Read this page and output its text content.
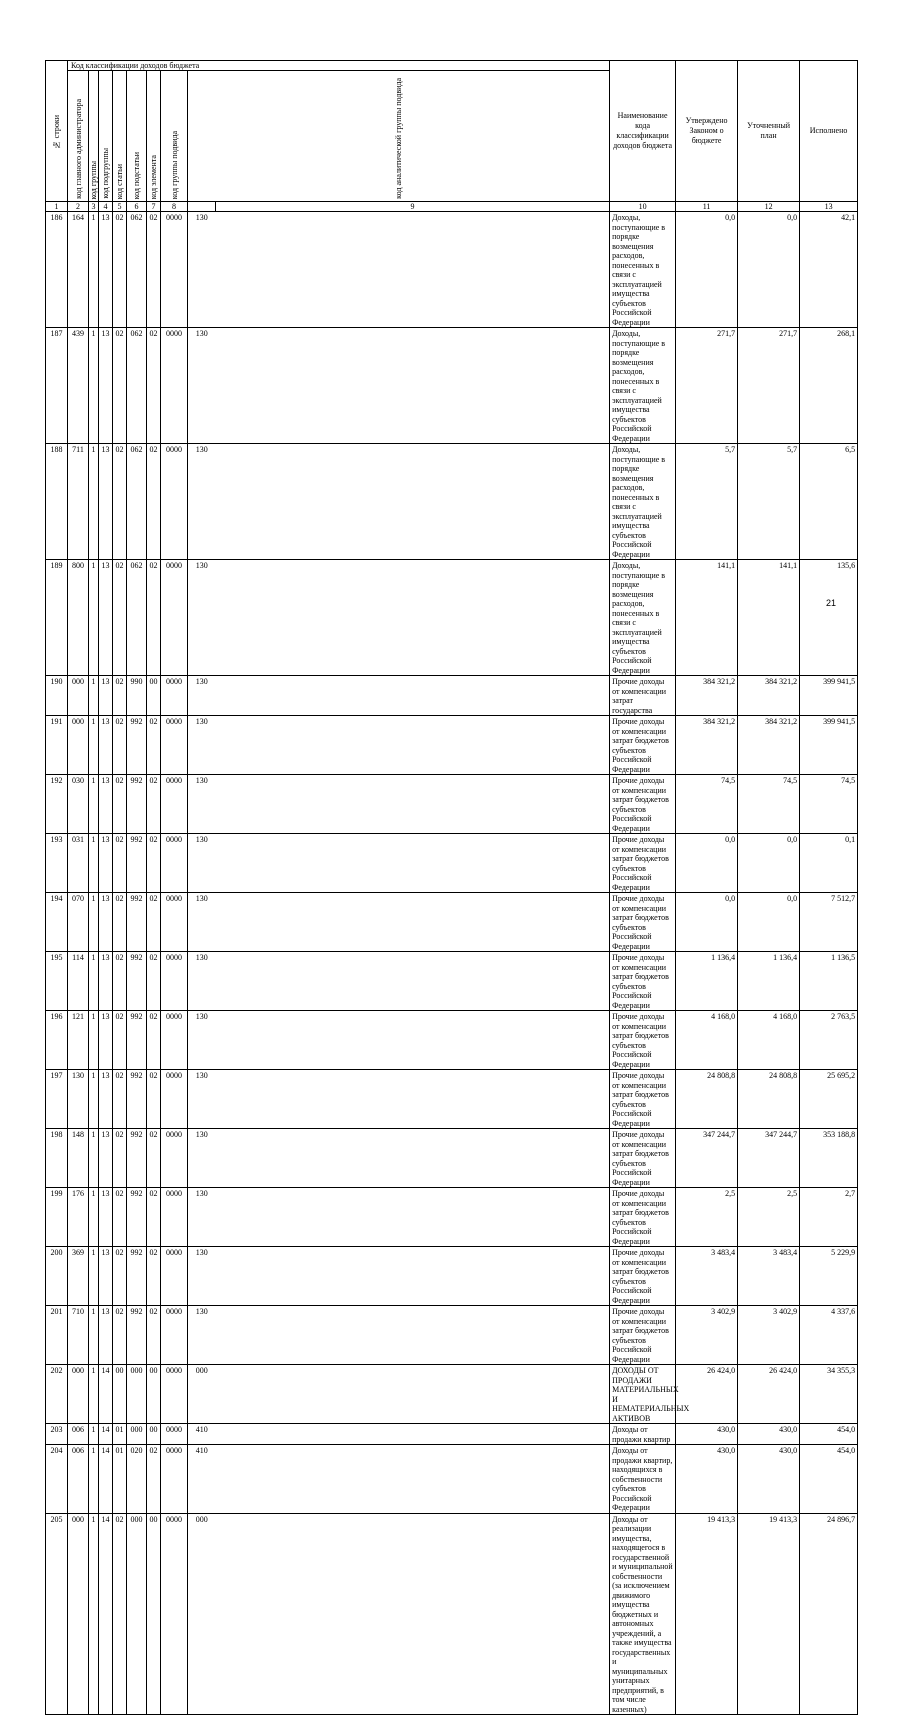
№ строки	Код классификации доходов бюджета									Наименование кода классификации доходов бюджета	Утверждено Законом о бюджете	Уточненный план	Исполнено	

	код главного администратора	код группы	код подгруппы	код статьи	код подстатьи	код элемента	код группы подвида	код аналитической группы подвида						

1	2	3	4	5	6	7	8		9	10	11	12	13	
186	164	1	13	02	062	02	0000	130		Доходы, поступающие в порядке возмещения расходов, понесенных в связи с эксплуатацией имущества субъектов Российской Федерации	0,0	0,0	42,1	
187	439	1	13	02	062	02	0000	130		Доходы, поступающие в порядке возмещения расходов, понесенных в связи с эксплуатацией имущества субъектов Российской Федерации	271,7	271,7	268,1	
188	711	1	13	02	062	02	0000	130		Доходы, поступающие в порядке возмещения расходов, понесенных в связи с эксплуатацией имущества субъектов Российской Федерации	5,7	5,7	6,5	
189	800	1	13	02	062	02	0000	130		Доходы, поступающие в порядке возмещения расходов, понесенных в связи с эксплуатацией имущества субъектов Российской Федерации	141,1	141,1	135,6	
190	000	1	13	02	990	00	0000	130		Прочие доходы от компенсации затрат государства	384 321,2	384 321,2	399 941,5	
191	000	1	13	02	992	02	0000	130		Прочие доходы от компенсации затрат бюджетов субъектов Российской Федерации	384 321,2	384 321,2	399 941,5	
192	030	1	13	02	992	02	0000	130		Прочие доходы от компенсации затрат бюджетов субъектов Российской Федерации	74,5	74,5	74,5	
193	031	1	13	02	992	02	0000	130		Прочие доходы от компенсации затрат бюджетов субъектов Российской Федерации	0,0	0,0	0,1	
194	070	1	13	02	992	02	0000	130		Прочие доходы от компенсации затрат бюджетов субъектов Российской Федерации	0,0	0,0	7 512,7	
195	114	1	13	02	992	02	0000	130		Прочие доходы от компенсации затрат бюджетов субъектов Российской Федерации	1 136,4	1 136,4	1 136,5	
196	121	1	13	02	992	02	0000	130		Прочие доходы от компенсации затрат бюджетов субъектов Российской Федерации	4 168,0	4 168,0	2 763,5	
197	130	1	13	02	992	02	0000	130		Прочие доходы от компенсации затрат бюджетов субъектов Российской Федерации	24 808,8	24 808,8	25 695,2	
198	148	1	13	02	992	02	0000	130		Прочие доходы от компенсации затрат бюджетов субъектов Российской Федерации	347 244,7	347 244,7	353 188,8	
199	176	1	13	02	992	02	0000	130		Прочие доходы от компенсации затрат бюджетов субъектов Российской Федерации	2,5	2,5	2,7	
200	369	1	13	02	992	02	0000	130		Прочие доходы от компенсации затрат бюджетов субъектов Российской Федерации	3 483,4	3 483,4	5 229,9	
201	710	1	13	02	992	02	0000	130		Прочие доходы от компенсации затрат бюджетов субъектов Российской Федерации	3 402,9	3 402,9	4 337,6	
202	000	1	14	00	000	00	0000	000		ДОХОДЫ ОТ ПРОДАЖИ МАТЕРИАЛЬНЫХ И НЕМАТЕРИАЛЬНЫХ АКТИВОВ	26 424,0	26 424,0	34 355,3	
203	006	1	14	01	000	00	0000	410		Доходы от продажи квартир	430,0	430,0	454,0	
204	006	1	14	01	020	02	0000	410		Доходы от продажи квартир, находящихся в собственности субъектов Российской Федерации	430,0	430,0	454,0	
205	000	1	14	02	000	00	0000	000		Доходы от реализации имущества, находящегося в государственной и муниципальной собственности (за исключением движимого имущества бюджетных и автономных учреждений, а также имущества государственных и муниципальных унитарных предприятий, в том числе казенных)	19 413,3	19 413,3	24 896,7	
21
